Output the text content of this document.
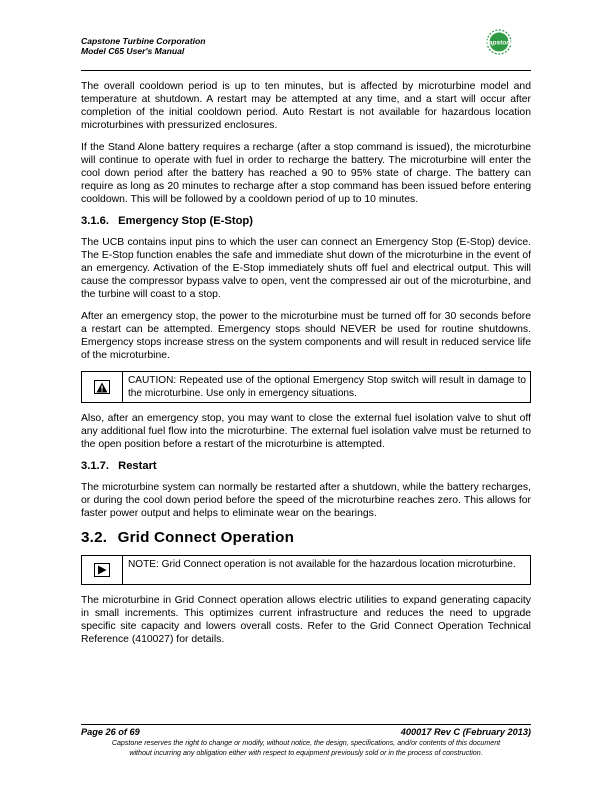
Capstone Turbine Corporation
Model C65 User's Manual
Capstone

The overall cooldown period is up to ten minutes, but is affected by microturbine model and temperature at shutdown. A restart may be attempted at any time, and a start will occur after completion of the initial cooldown period. Auto Restart is not available for hazardous location microturbines with pressurized enclosures.

If the Stand Alone battery requires a recharge (after a stop command is issued), the microturbine will continue to operate with fuel in order to recharge the battery. The microturbine will enter the cool down period after the battery has reached a 90 to 95% state of charge. The battery can require as long as 20 minutes to recharge after a stop command has been issued before entering cooldown. This will be followed by a cooldown period of up to 10 minutes.

3.1.6. Emergency Stop (E-Stop)

The UCB contains input pins to which the user can connect an Emergency Stop (E-Stop) device. The E-Stop function enables the safe and immediate shut down of the microturbine in the event of an emergency. Activation of the E-Stop immediately shuts off fuel and electrical output. This will cause the compressor bypass valve to open, vent the compressed air out of the microturbine, and the turbine will coast to a stop.

After an emergency stop, the power to the microturbine must be turned off for 30 seconds before a restart can be attempted. Emergency stops should NEVER be used for routine shutdowns. Emergency stops increase stress on the system components and will result in reduced service life of the microturbine.

CAUTION: Repeated use of the optional Emergency Stop switch will result in damage to the microturbine. Use only in emergency situations.

Also, after an emergency stop, you may want to close the external fuel isolation valve to shut off any additional fuel flow into the microturbine. The external fuel isolation valve must be returned to the open position before a restart of the microturbine is attempted.

3.1.7. Restart

The microturbine system can normally be restarted after a shutdown, while the battery recharges, or during the cool down period before the speed of the microturbine reaches zero. This allows for faster power output and helps to eliminate wear on the bearings.

3.2. Grid Connect Operation
NOTE: Grid Connect operation is not available for the hazardous location microturbine.

The microturbine in Grid Connect operation allows electric utilities to expand generating capacity in small increments. This optimizes current infrastructure and reduces the need to upgrade specific site capacity and lowers overall costs. Refer to the Grid Connect Operation Technical Reference (410027) for details.

Page 26 of 69	400017 Rev C (February 2013)
Capstone reserves the right to change or modify, without notice, the design, specifications, and/or contents of this document
without incurring any obligation either with respect to equipment previously sold or in the process of construction.
